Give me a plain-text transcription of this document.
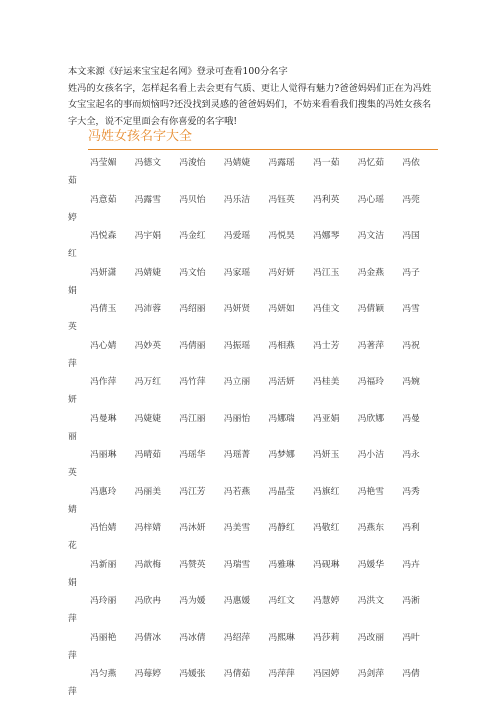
本文来源《好运来宝宝起名网》登录可查看100分名字

姓冯的女孩名字，怎样起名看上去会更有气质、更让人觉得有魅力?爸爸妈妈们正在为冯姓女宝宝起名的事而烦恼吗?还没找到灵感的爸爸妈妈们，不妨来看看我们搜集的冯姓女孩名字大全，说不定里面会有你喜爱的名字哦!

冯姓女孩名字大全
冯莹媚	冯德文	冯浚怡	冯婧婕	冯露瑶	冯一茹	冯忆茹	冯依
茹
冯意茹	冯露雪	冯贝怡	冯乐洁	冯钰英	冯利英	冯心瑶	冯莞
婷
冯悦森	冯宇娟	冯金红	冯爱瑶	冯悦昊	冯娜琴	冯文洁	冯国
红
冯妍潇	冯婧婕	冯文怡	冯家瑶	冯好妍	冯江玉	冯金燕	冯子
娟
冯倩玉	冯沛蓉	冯绍丽	冯妍贤	冯妍如	冯佳文	冯倩颖	冯雪
英
冯心婧	冯妙英	冯倩丽	冯振瑶	冯相燕	冯士芳	冯著萍	冯祝
萍
冯作萍	冯万红	冯竹萍	冯立丽	冯活妍	冯桂美	冯福玲	冯婉
妍
冯曼琳	冯婕婕	冯江丽	冯丽怡	冯娜瑞	冯亚娟	冯欣娜	冯曼
丽
冯丽琳	冯晴茹	冯瑶华	冯瑶菁	冯梦娜	冯妍玉	冯小洁	冯永
英
冯惠玲	冯丽美	冯江芳	冯若燕	冯晶莹	冯旗红	冯艳雪	冯秀
婧
冯怡婧	冯梓婧	冯沐妍	冯美雪	冯静红	冯敬红	冯燕东	冯利
花
冯新丽	冯歆梅	冯赞英	冯瑞雪	冯雅琳	冯砚琳	冯媛华	冯卉
娟
冯玲丽	冯欣冉	冯为媛	冯惠媛	冯红文	冯慧婷	冯洪文	冯淅
萍
冯丽艳	冯倩冰	冯冰倩	冯绍萍	冯熙琳	冯莎莉	冯改丽	冯叶
萍
冯匀燕	冯莓婷	冯媛张	冯倩茹	冯萍萍	冯园婷	冯剑萍	冯倩
萍
